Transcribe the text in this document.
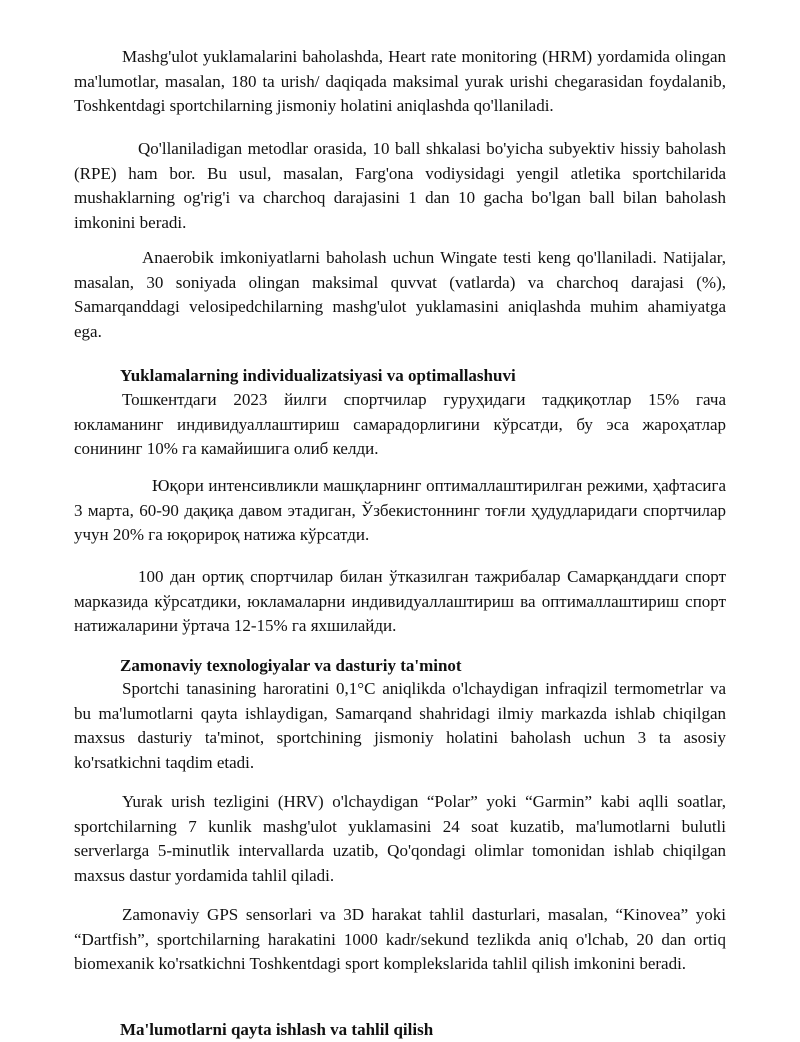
Mashg'ulot yuklamalarini baholashda, Heart rate monitoring (HRM) yordamida olingan ma'lumotlar, masalan, 180 ta urish/ daqiqada maksimal yurak urishi chegarasidan foydalanib, Toshkentdagi sportchilarning jismoniy holatini aniqlashda qo'llaniladi.

Qo'llaniladigan metodlar orasida, 10 ball shkalasi bo'yicha subyektiv hissiy baholash (RPE) ham bor. Bu usul, masalan, Farg'ona vodiysidagi yengil atletika sportchilarida mushaklarning og'rig'i va charchoq darajasini 1 dan 10 gacha bo'lgan ball bilan baholash imkonini beradi.

Anaerobik imkoniyatlarni baholash uchun Wingate testi keng qo'llaniladi. Natijalar, masalan, 30 soniyada olingan maksimal quvvat (vatlarda) va charchoq darajasi (%), Samarqanddagi velosipedchilarning mashg'ulot yuklamasini aniqlashda muhim ahamiyatga ega.

Yuklamalarning individualizatsiyasi va optimallashuvi

Тошкентдаги 2023 йилги спортчилар гуруҳидаги тадқиқотлар 15% гача юкламанинг индивидуаллаштириш самарадорлигини кўрсатди, бу эса жароҳатлар сонининг 10% га камайишига олиб келди.

Юқори интенсивликли машқларнинг оптималлаштирилган режими, ҳафтасига 3 марта, 60-90 дақиқа давом этадиган, Ўзбекистоннинг тоғли ҳудудларидаги спортчилар учун 20% га юқорироқ натижа кўрсатди.

100 дан ортиқ спортчилар билан ўтказилган тажрибалар Самарқанддаги спорт марказида кўрсатдики, юкламаларни индивидуаллаштириш ва оптималлаштириш спорт натижаларини ўртача 12-15% га яхшилайди.

Zamonaviy texnologiyalar va dasturiy ta'minot

Sportchi tanasining haroratini 0,1°C aniqlikda o'lchaydigan infraqizil termometrlar va bu ma'lumotlarni qayta ishlaydigan, Samarqand shahridagi ilmiy markazda ishlab chiqilgan maxsus dasturiy ta'minot, sportchining jismoniy holatini baholash uchun 3 ta asosiy ko'rsatkichni taqdim etadi.

Yurak urish tezligini (HRV) o'lchaydigan “Polar” yoki “Garmin” kabi aqlli soatlar, sportchilarning 7 kunlik mashg'ulot yuklamasini 24 soat kuzatib, ma'lumotlarni bulutli serverlarga 5-minutlik intervallarda uzatib, Qo'qondagi olimlar tomonidan ishlab chiqilgan maxsus dastur yordamida tahlil qiladi.

Zamonaviy GPS sensorlari va 3D harakat tahlil dasturlari, masalan, “Kinovea” yoki “Dartfish”, sportchilarning harakatini 1000 kadr/sekund tezlikda aniq o'lchab, 20 dan ortiq biomexanik ko'rsatkichni Toshkentdagi sport komplekslarida tahlil qilish imkonini beradi.

Ma'lumotlarni qayta ishlash va tahlil qilish
